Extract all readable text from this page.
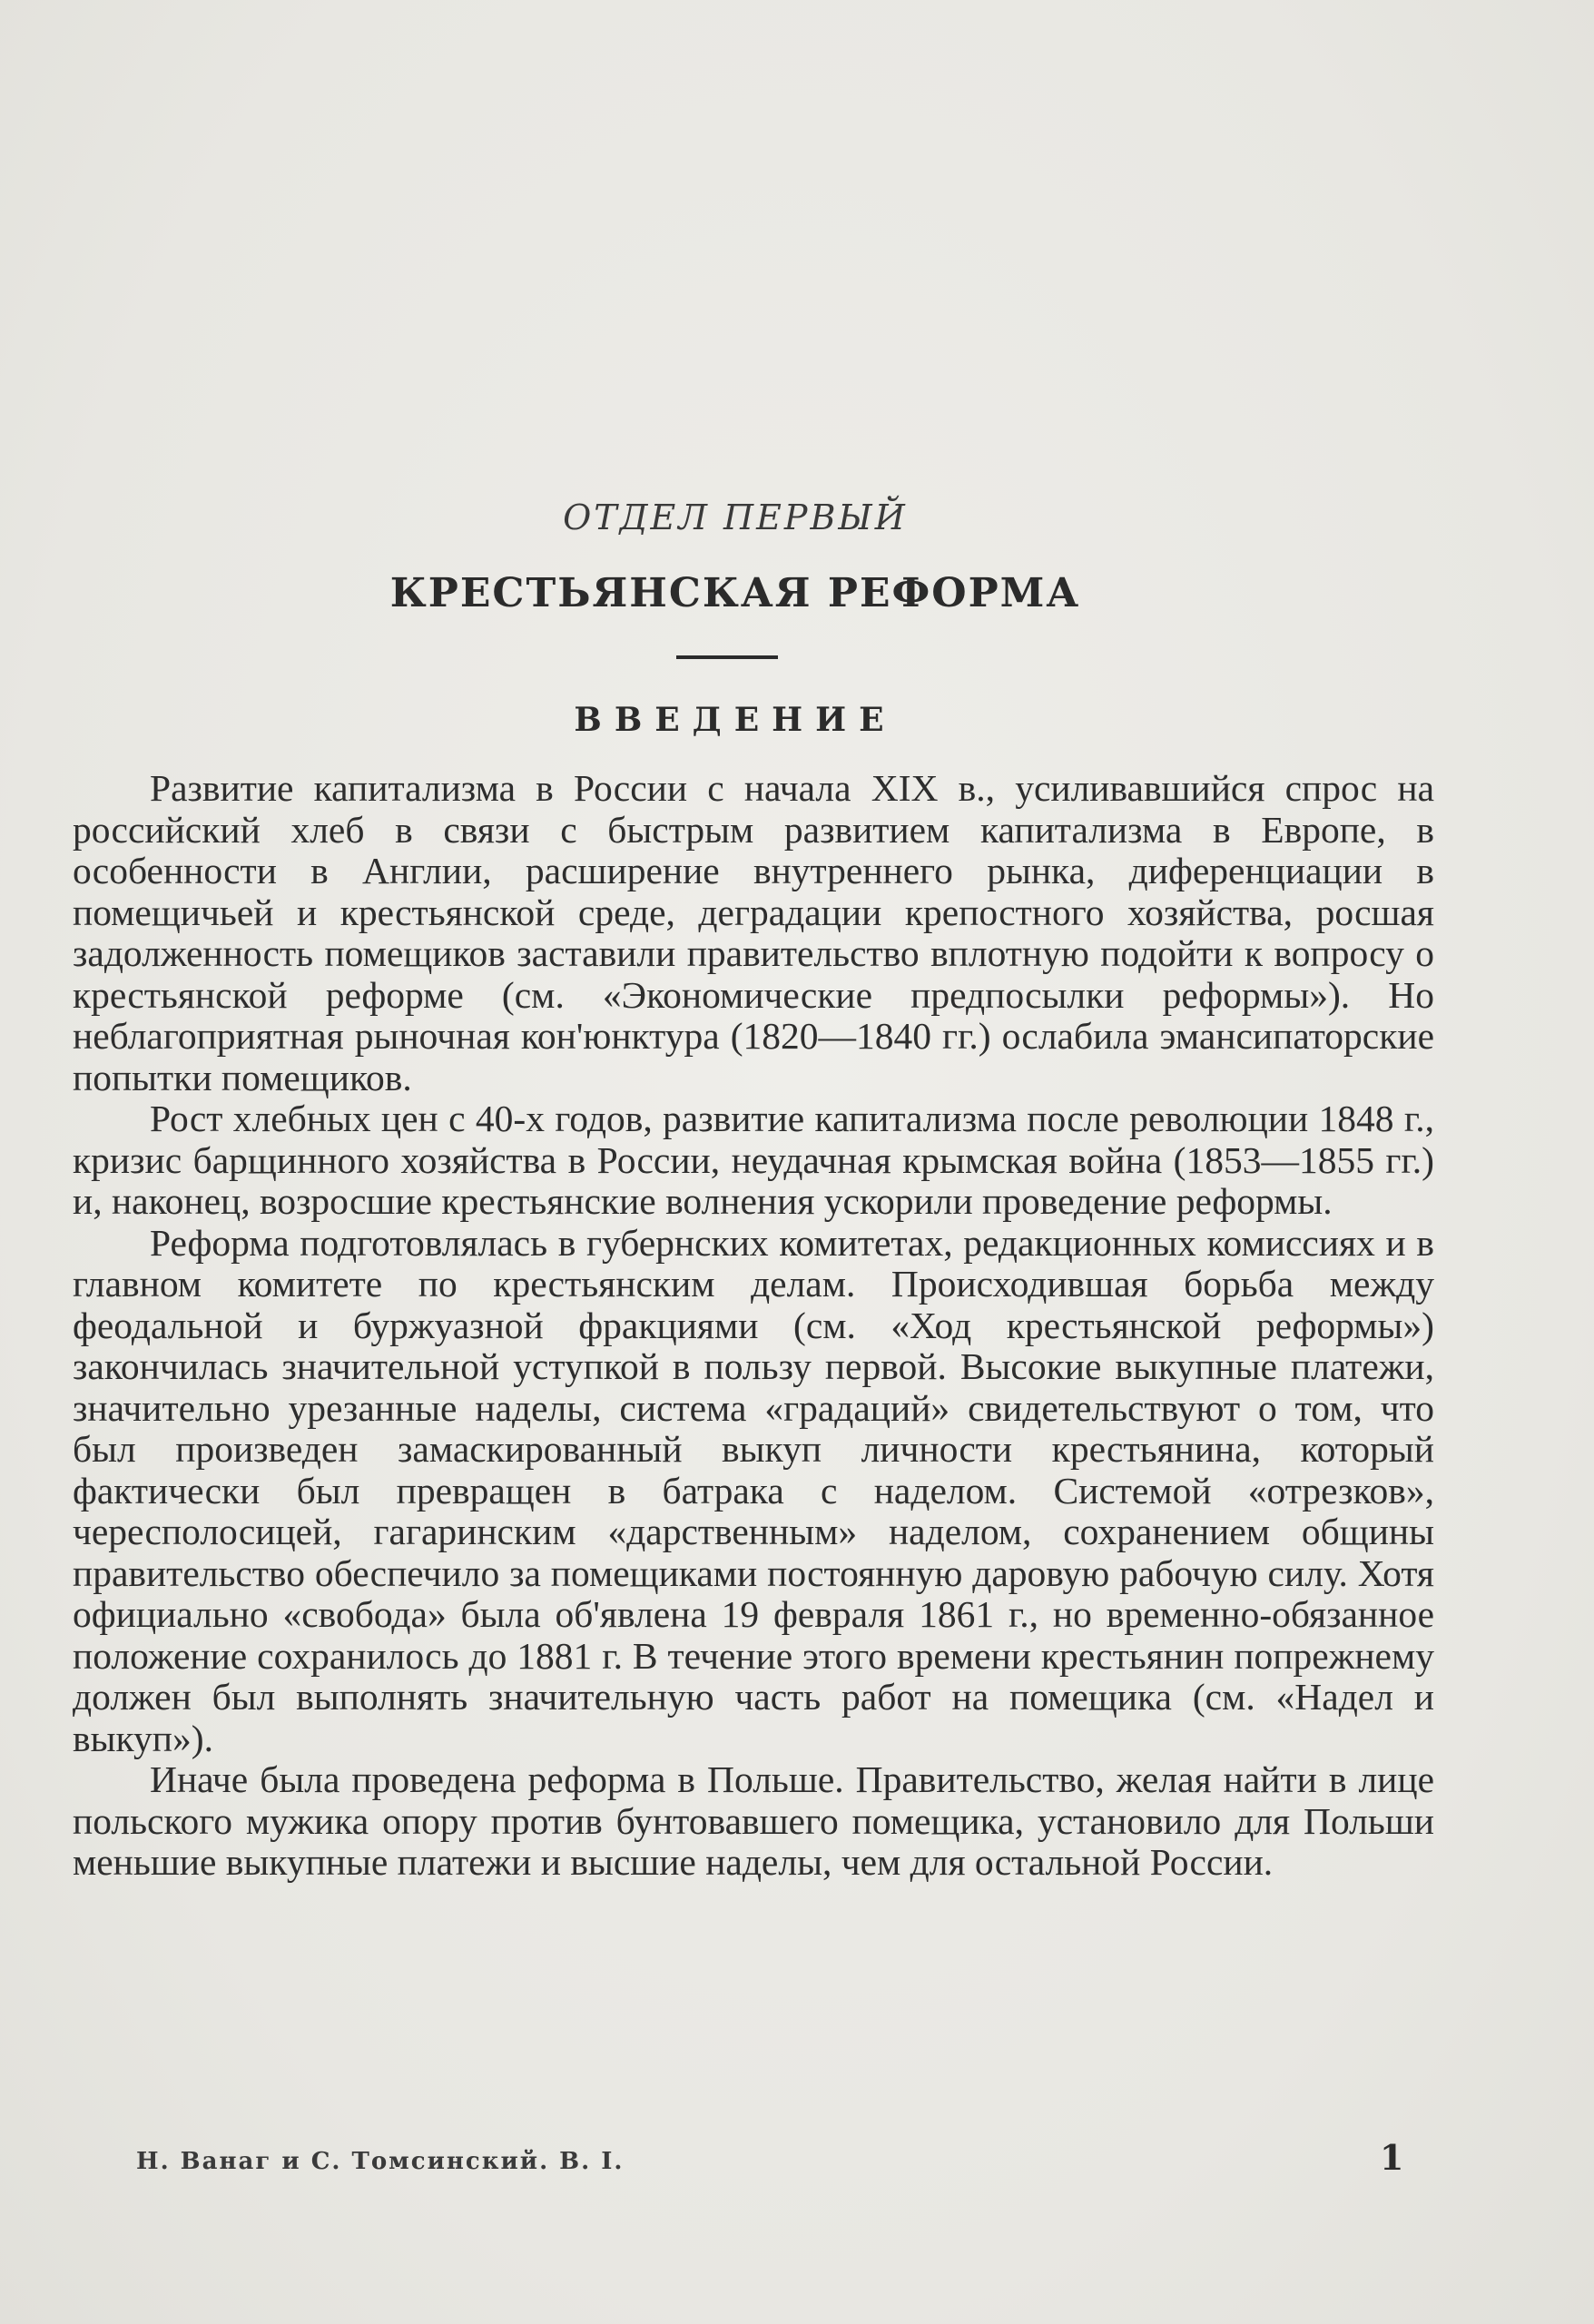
ОТДЕЛ ПЕРВЫЙ
КРЕСТЬЯНСКАЯ РЕФОРМА
ВВЕДЕНИЕ

Развитие капитализма в России с начала XIX в., усиливавшийся спрос на российский хлеб в связи с быстрым развитием капитализма в Европе, в особенности в Англии, расширение внутреннего рынка, диференциации в помещичьей и крестьянской среде, деградации крепостного хозяйства, росшая задолженность помещиков заставили правительство вплотную подойти к вопросу о крестьянской реформе (см. «Экономические предпосылки реформы»). Но неблагоприятная рыночная кон'юнктура (1820—1840 гг.) ослабила эмансипаторские попытки помещиков.

Рост хлебных цен с 40-х годов, развитие капитализма после революции 1848 г., кризис барщинного хозяйства в России, неудачная крымская война (1853—1855 гг.) и, наконец, возросшие крестьянские волнения ускорили проведение реформы.

Реформа подготовлялась в губернских комитетах, редакционных комиссиях и в главном комитете по крестьянским делам. Происходившая борьба между феодальной и буржуазной фракциями (см. «Ход крестьянской реформы») закончилась значительной уступкой в пользу первой. Высокие выкупные платежи, значительно урезанные наделы, система «градаций» свидетельствуют о том, что был произведен замаскированный выкуп личности крестьянина, который фактически был превращен в батрака с наделом. Системой «отрезков», чересполосицей, гагаринским «дарственным» наделом, сохранением общины правительство обеспечило за помещиками постоянную даровую рабочую силу. Хотя официально «свобода» была об'явлена 19 февраля 1861 г., но временно-обязанное положение сохранилось до 1881 г. В течение этого времени крестьянин попрежнему должен был выполнять значительную часть работ на помещика (см. «Надел и выкуп»).

Иначе была проведена реформа в Польше. Правительство, желая найти в лице польского мужика опору против бунтовавшего помещика, установило для Польши меньшие выкупные платежи и высшие наделы, чем для остальной России.

Н. Ванаг и С. Томсинский. В. I.	1
